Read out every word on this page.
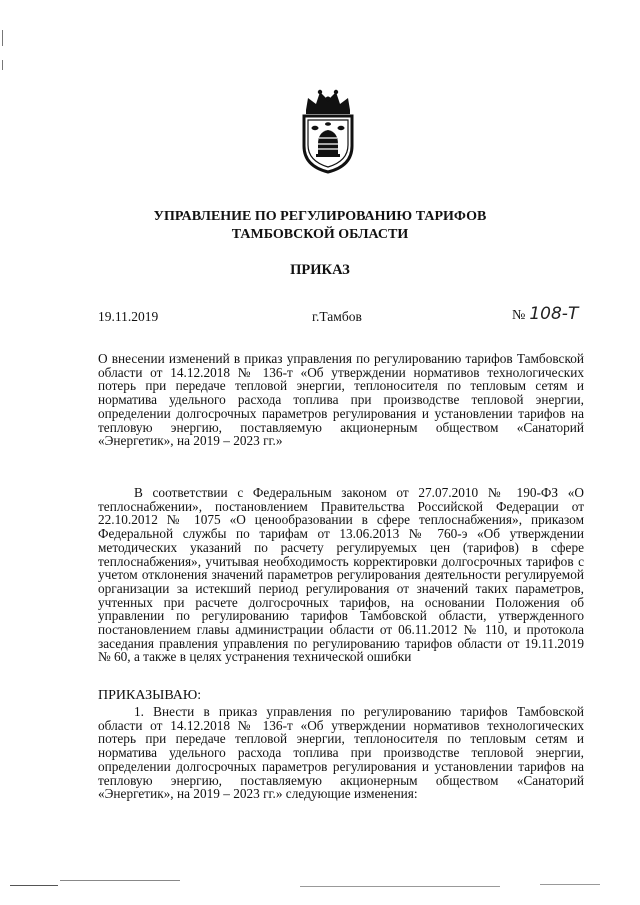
УПРАВЛЕНИЕ ПО РЕГУЛИРОВАНИЮ ТАРИФОВ
ТАМБОВСКОЙ ОБЛАСТИ
ПРИКАЗ
19.11.2019	г.Тамбов	№ 108-Т
О внесении изменений в приказ управления по регулированию тарифов Тамбовской области от 14.12.2018 № 136-т «Об утверждении нормативов технологических потерь при передаче тепловой энергии, теплоносителя по тепловым сетям и норматива удельного расхода топлива при производстве тепловой энергии, определении долгосрочных параметров регулирования и установлении тарифов на тепловую энергию, поставляемую акционерным обществом «Санаторий «Энергетик», на 2019 – 2023 гг.»
В соответствии с Федеральным законом от 27.07.2010 № 190-ФЗ «О теплоснабжении», постановлением Правительства Российской Федерации от 22.10.2012 № 1075 «О ценообразовании в сфере теплоснабжения», приказом Федеральной службы по тарифам от 13.06.2013 № 760-э «Об утверждении методических указаний по расчету регулируемых цен (тарифов) в сфере теплоснабжения», учитывая необходимость корректировки долгосрочных тарифов с учетом отклонения значений параметров регулирования деятельности регулируемой организации за истекший период регулирования от значений таких параметров, учтенных при расчете долгосрочных тарифов, на основании Положения об управлении по регулированию тарифов Тамбовской области, утвержденного постановлением главы администрации области от 06.11.2012 № 110, и протокола заседания правления управления по регулированию тарифов области от 19.11.2019 № 60, а также в целях устранения технической ошибки
ПРИКАЗЫВАЮ:
1. Внести в приказ управления по регулированию тарифов Тамбовской области от 14.12.2018 № 136-т «Об утверждении нормативов технологических потерь при передаче тепловой энергии, теплоносителя по тепловым сетям и норматива удельного расхода топлива при производстве тепловой энергии, определении долгосрочных параметров регулирования и установлении тарифов на тепловую энергию, поставляемую акционерным обществом «Санаторий «Энергетик», на 2019 – 2023 гг.» следующие изменения:
